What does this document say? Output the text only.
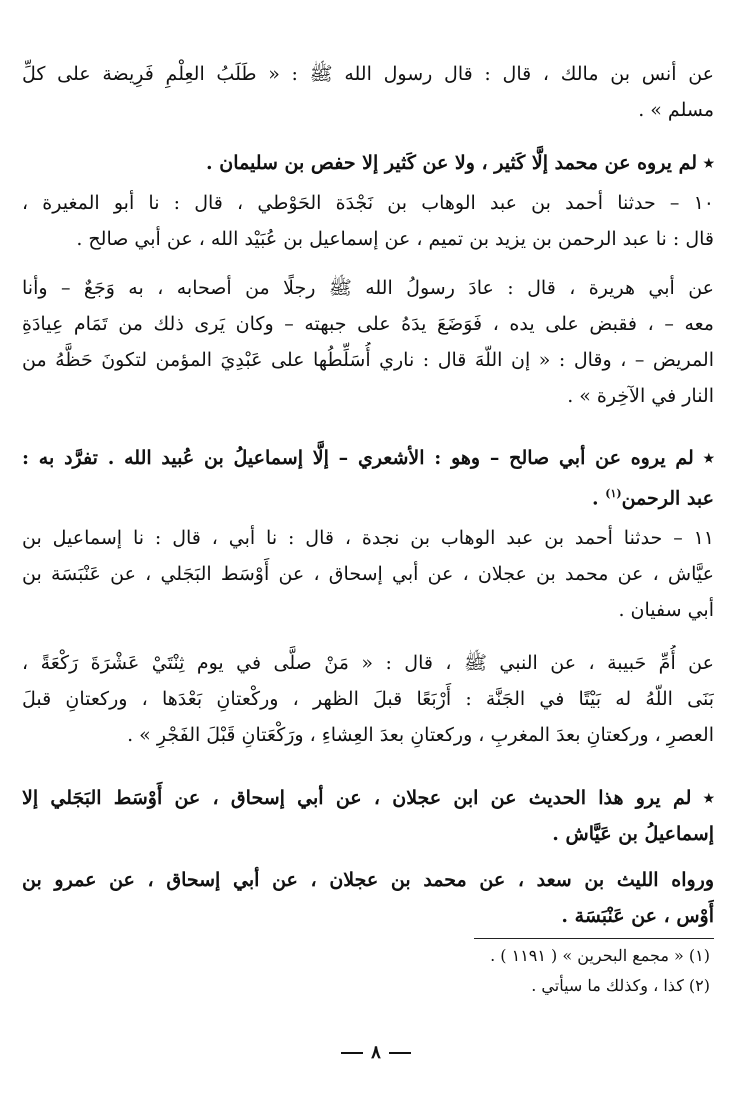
عن أنس بن مالك ، قال : قال رسول الله ﷺ : « طَلَبُ العِلْمِ فَرِيضة على كلِّ
مسلم » .
٭ لم يروه عن محمد إلَّا كَثير ، ولا عن كَثير إلا حفص بن سليمان .
١٠ – حدثنا أحمد بن عبد الوهاب بن نَجْدَة الحَوْطي ، قال : نا أبو المغيرة ،
قال : نا عبد الرحمن بن يزيد بن تميم ، عن إسماعيل بن عُبَيْد الله ، عن أبي صالح .
عن أبي هريرة ، قال : عادَ رسولُ الله ﷺ رجلًا من أصحابه ، به وَجَعٌ – وأنا
معه – ، فقبض على يده ، فَوَضَعَ يدَهُ على جبهته – وكان يَرى ذلك من تَمَام عِيادَةِ
المريض – ، وقال : « إن اللّهَ قال : ناري أُسَلِّطُها على عَبْدِيَ المؤمن لتكونَ حَظَّهُ من
النار في الآخِرة » .
٭ لم يروه عن أبي صالح – وهو : الأشعري – إلَّا إسماعيلُ بن عُبيد الله . تفرَّد به :
عبد الرحمن$^{(١)}$ .
١١ – حدثنا أحمد بن عبد الوهاب بن نجدة ، قال : نا أبي ، قال : نا إسماعيل بن
عيَّاش ، عن محمد بن عجلان ، عن أبي إسحاق ، عن أَوْسَط البَجَلي ، عن عَنْبَسَة بن
أبي سفيان .
عن أُمِّ حَبيبة ، عن النبي ﷺ ، قال : « مَنْ صلَّى في يوم ثِنْتَيْ عَشْرَةَ رَكْعَةً ،
بَنَى اللّهُ له بَيْتًا في الجَنَّة : أَرْبَعًا قبلَ الظهر ، وركْعتانِ بَعْدَها ، وركعتانِ قبلَ
العصرِ ، وركعتانِ بعدَ المغربِ ، وركعتانِ بعدَ العِشاءِ ، ورَكْعَتانِ قَبْلَ الفَجْرِ » .
٭ لم يرو هذا الحديث عن ابن عجلان ، عن أبي إسحاق ، عن أَوْسَط البَجَلي إلا
إسماعيلُ بن عَيَّاش .
ورواه الليث بن سعد ، عن محمد بن عجلان ، عن أبي إسحاق ، عن عمرو بن
أَوْس ، عن عَنْبَسَة .
(١) « مجمع البحرين » ( ١١٩١ ) .
(٢) كذا ، وكذلك ما سيأتي .
٨
